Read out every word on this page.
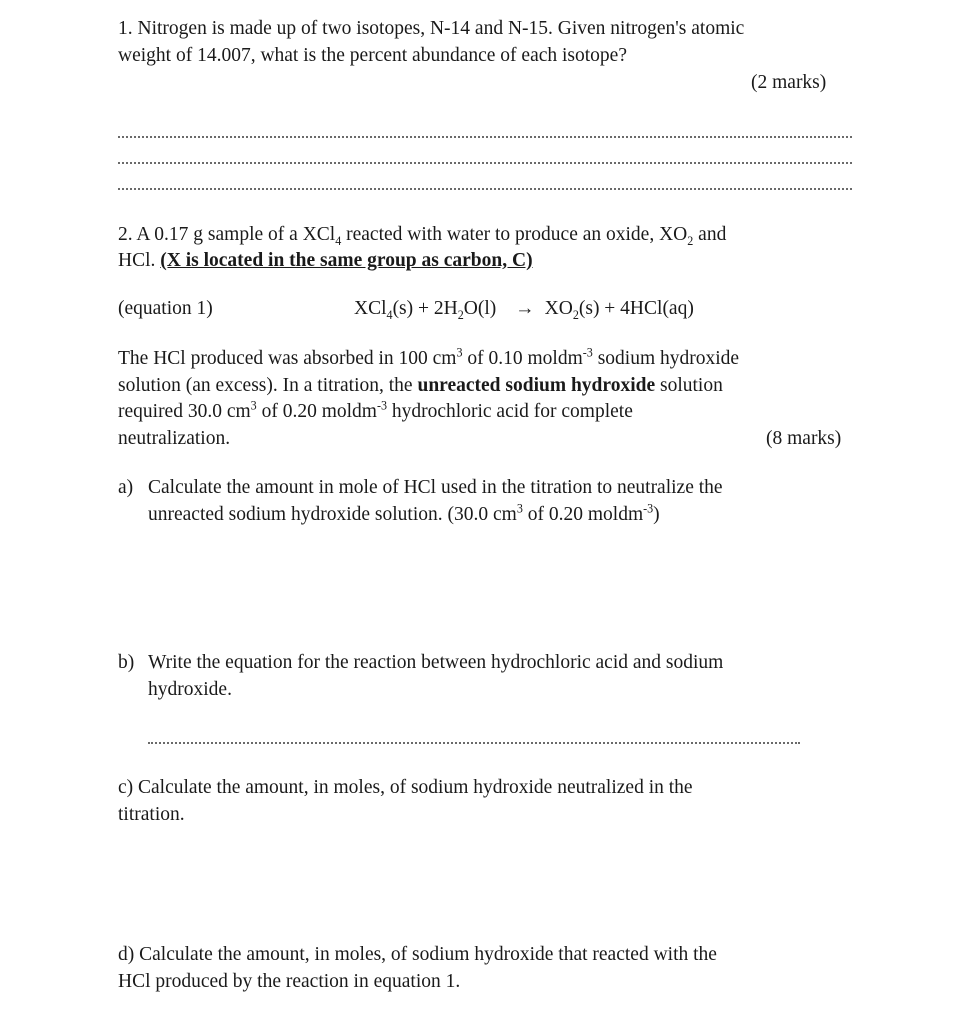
1. Nitrogen is made up of two isotopes, N-14 and N-15. Given nitrogen's atomic
weight of 14.007, what is the percent abundance of each isotope?
(2 marks)
2. A 0.17 g sample of a XCl$_4$ reacted with water to produce an oxide, $XO_2$ and
HCl. (X is located in the same group as carbon, C)
(equation 1)	$XCl_4(s) + 2H_2O(l) \to XO_2(s) + 4HCl(aq)$
The HCl produced was absorbed in 100 $cm^3$ of 0.10 moldm$^{-3}$ sodium hydroxide
solution (an excess). In a titration, the unreacted sodium hydroxide solution
required 30.0 $cm^3$ of 0.20 moldm$^{-3}$ hydrochloric acid for complete
neutralization.	(8 marks)
a) Calculate the amount in mole of HCl used in the titration to neutralize the
unreacted sodium hydroxide solution. (30.0 $cm^3$ of 0.20 moldm$^{-3}$)
b) Write the equation for the reaction between hydrochloric acid and sodium
hydroxide.
c) Calculate the amount, in moles, of sodium hydroxide neutralized in the
titration.
d) Calculate the amount, in moles, of sodium hydroxide that reacted with the
HCl produced by the reaction in equation 1.
